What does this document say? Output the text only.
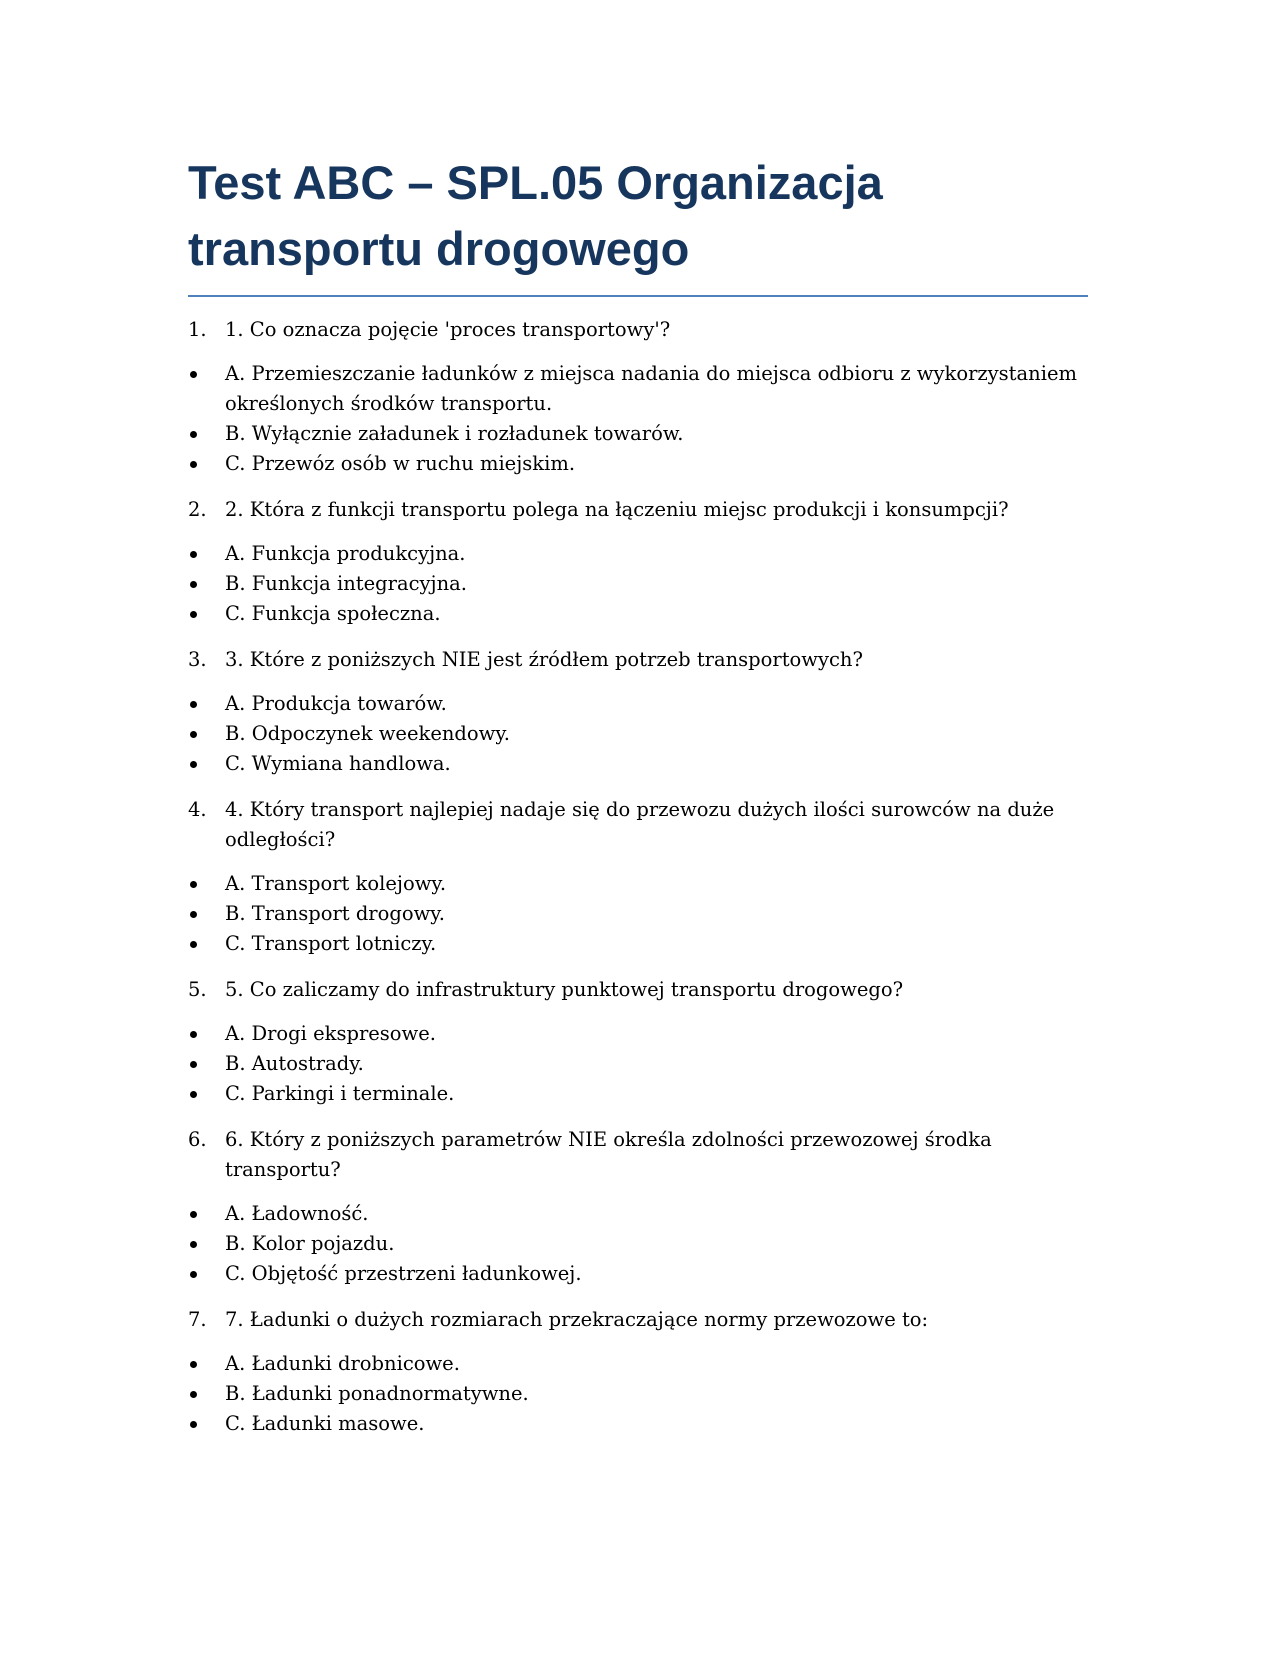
Test ABC – SPL.05 Organizacja transportu drogowego
1. 1. Co oznacza pojęcie 'proces transportowy'?
A. Przemieszczanie ładunków z miejsca nadania do miejsca odbioru z wykorzystaniem określonych środków transportu.
B. Wyłącznie załadunek i rozładunek towarów.
C. Przewóz osób w ruchu miejskim.
2. 2. Która z funkcji transportu polega na łączeniu miejsc produkcji i konsumpcji?
A. Funkcja produkcyjna.
B. Funkcja integracyjna.
C. Funkcja społeczna.
3. 3. Które z poniższych NIE jest źródłem potrzeb transportowych?
A. Produkcja towarów.
B. Odpoczynek weekendowy.
C. Wymiana handlowa.
4. 4. Który transport najlepiej nadaje się do przewozu dużych ilości surowców na duże odległości?
A. Transport kolejowy.
B. Transport drogowy.
C. Transport lotniczy.
5. 5. Co zaliczamy do infrastruktury punktowej transportu drogowego?
A. Drogi ekspresowe.
B. Autostrady.
C. Parkingi i terminale.
6. 6. Który z poniższych parametrów NIE określa zdolności przewozowej środka transportu?
A. Ładowność.
B. Kolor pojazdu.
C. Objętość przestrzeni ładunkowej.
7. 7. Ładunki o dużych rozmiarach przekraczające normy przewozowe to:
A. Ładunki drobnicowe.
B. Ładunki ponadnormatywne.
C. Ładunki masowe.
